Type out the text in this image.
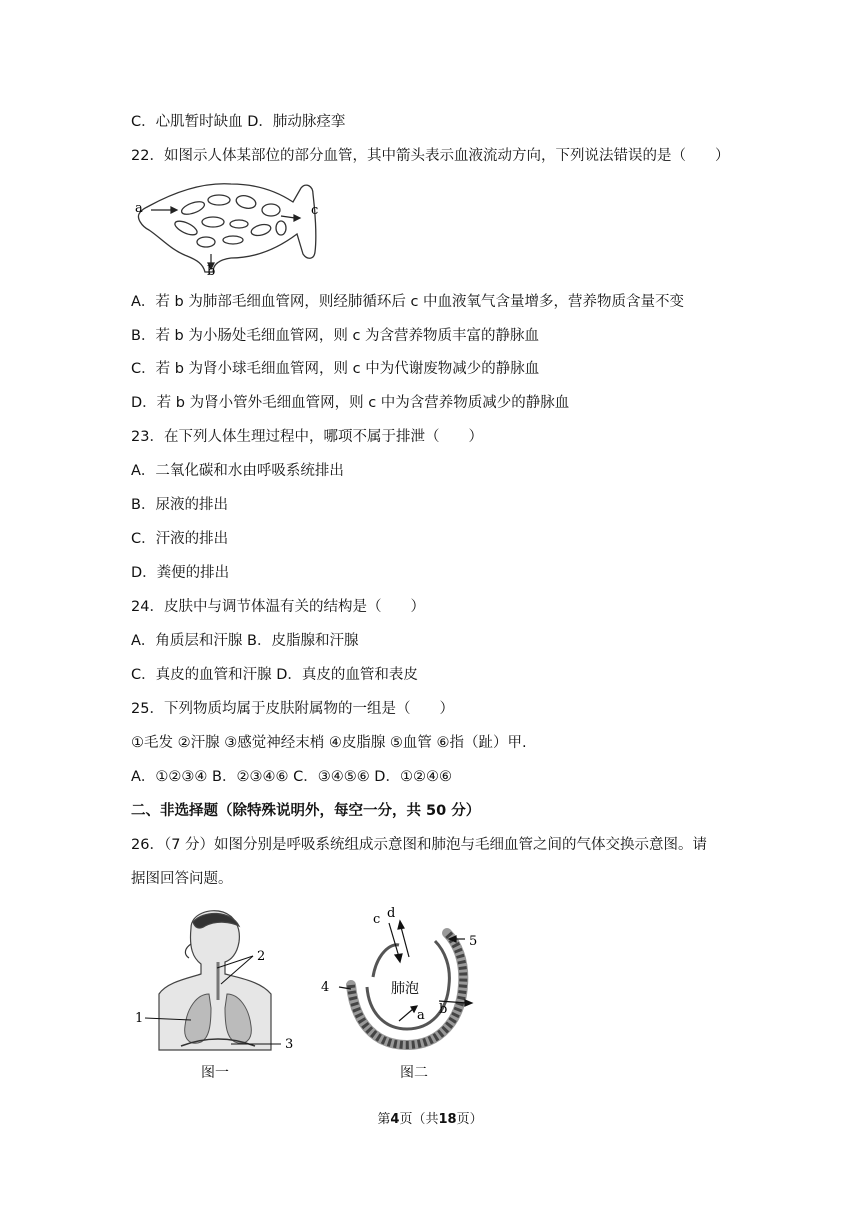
C．心肌暂时缺血 D．肺动脉痉挛
22．如图示人体某部位的部分血管，其中箭头表示血液流动方向，下列说法错误的是（　　）
a
b
c
A．若 b 为肺部毛细血管网，则经肺循环后 c 中血液氧气含量增多，营养物质含量不变
B．若 b 为小肠处毛细血管网，则 c 为含营养物质丰富的静脉血
C．若 b 为肾小球毛细血管网，则 c 中为代谢废物减少的静脉血
D．若 b 为肾小管外毛细血管网，则 c 中为含营养物质减少的静脉血
23．在下列人体生理过程中，哪项不属于排泄（　　）
A．二氧化碳和水由呼吸系统排出
B．尿液的排出
C．汗液的排出
D．粪便的排出
24．皮肤中与调节体温有关的结构是（　　）
A．角质层和汗腺 B．皮脂腺和汗腺
C．真皮的血管和汗腺 D．真皮的血管和表皮
25．下列物质均属于皮肤附属物的一组是（　　）
①毛发 ②汗腺 ③感觉神经末梢 ④皮脂腺 ⑤血管 ⑥指（趾）甲.
A．①②③④ B．②③④⑥ C．③④⑤⑥ D．①②④⑥
二、非选择题（除特殊说明外，每空一分，共 50 分）
26．（7 分）如图分别是呼吸系统组成示意图和肺泡与毛细血管之间的气体交换示意图。请
据图回答问题。
1
2
3
图一
c d
5
4
a b
肺泡
图二
第4页（共18页）
